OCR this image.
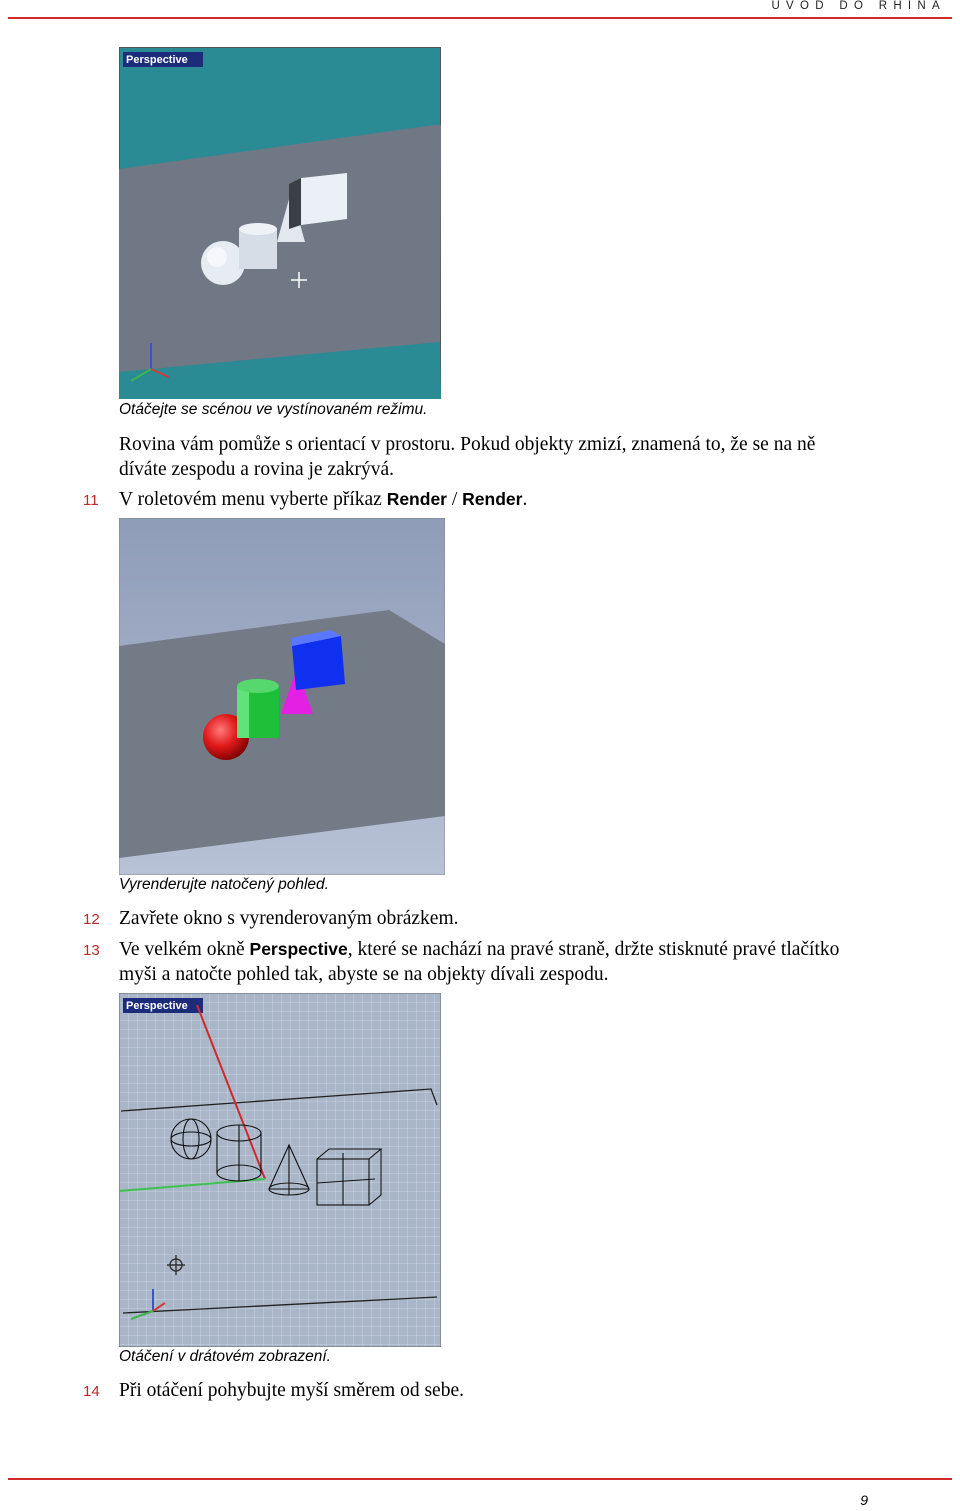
ÚVOD DO RHINA
Perspective
Otáčejte se scénou ve vystínovaném režimu.
Rovina vám pomůže s orientací v prostoru. Pokud objekty zmizí, znamená to, že se na ně
díváte zespodu a rovina je zakrývá.
11 V roletovém menu vyberte příkaz Render / Render.
Vyrenderujte natočený pohled.
12 Zavřete okno s vyrenderovaným obrázkem.
13 Ve velkém okně Perspective, které se nachází na pravé straně, držte stisknuté pravé tlačítko
myši a natočte pohled tak, abyste se na objekty dívali zespodu.
Perspective
Otáčení v drátovém zobrazení.
14 Při otáčení pohybujte myší směrem od sebe.
9
